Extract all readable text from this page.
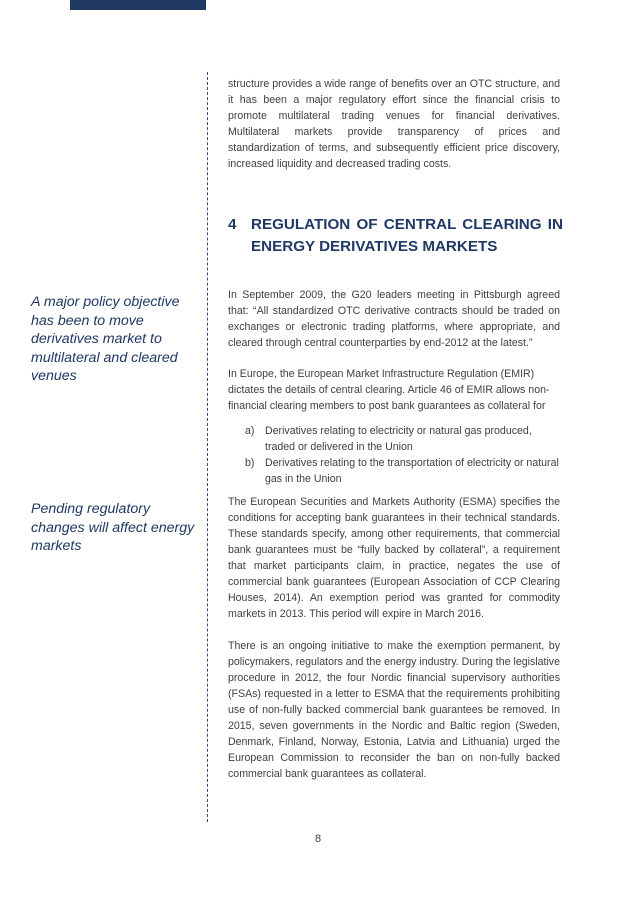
A major policy objective has been to move derivatives market to multilateral and cleared venues
Pending regulatory changes will affect energy markets

structure provides a wide range of benefits over an OTC structure, and it has been a major regulatory effort since the financial crisis to promote multilateral trading venues for financial derivatives. Multilateral markets provide transparency of prices and standardization of terms, and subsequently efficient price discovery, increased liquidity and decreased trading costs.

4 REGULATION OF CENTRAL CLEARING IN ENERGY DERIVATIVES MARKETS

In September 2009, the G20 leaders meeting in Pittsburgh agreed that: “All standardized OTC derivative contracts should be traded on exchanges or electronic trading platforms, where appropriate, and cleared through central counterparties by end-2012 at the latest.”

In Europe, the European Market Infrastructure Regulation (EMIR) dictates the details of central clearing. Article 46 of EMIR allows non-financial clearing members to post bank guarantees as collateral for

a) Derivatives relating to electricity or natural gas produced, traded or delivered in the Union
b) Derivatives relating to the transportation of electricity or natural gas in the Union

The European Securities and Markets Authority (ESMA) specifies the conditions for accepting bank guarantees in their technical standards. These standards specify, among other requirements, that commercial bank guarantees must be “fully backed by collateral”, a requirement that market participants claim, in practice, negates the use of commercial bank guarantees (European Association of CCP Clearing Houses, 2014). An exemption period was granted for commodity markets in 2013. This period will expire in March 2016.

There is an ongoing initiative to make the exemption permanent, by policymakers, regulators and the energy industry. During the legislative procedure in 2012, the four Nordic financial supervisory authorities (FSAs) requested in a letter to ESMA that the requirements prohibiting use of non-fully backed commercial bank guarantees be removed. In 2015, seven governments in the Nordic and Baltic region (Sweden, Denmark, Finland, Norway, Estonia, Latvia and Lithuania) urged the European Commission to reconsider the ban on non-fully backed commercial bank guarantees as collateral.

8
